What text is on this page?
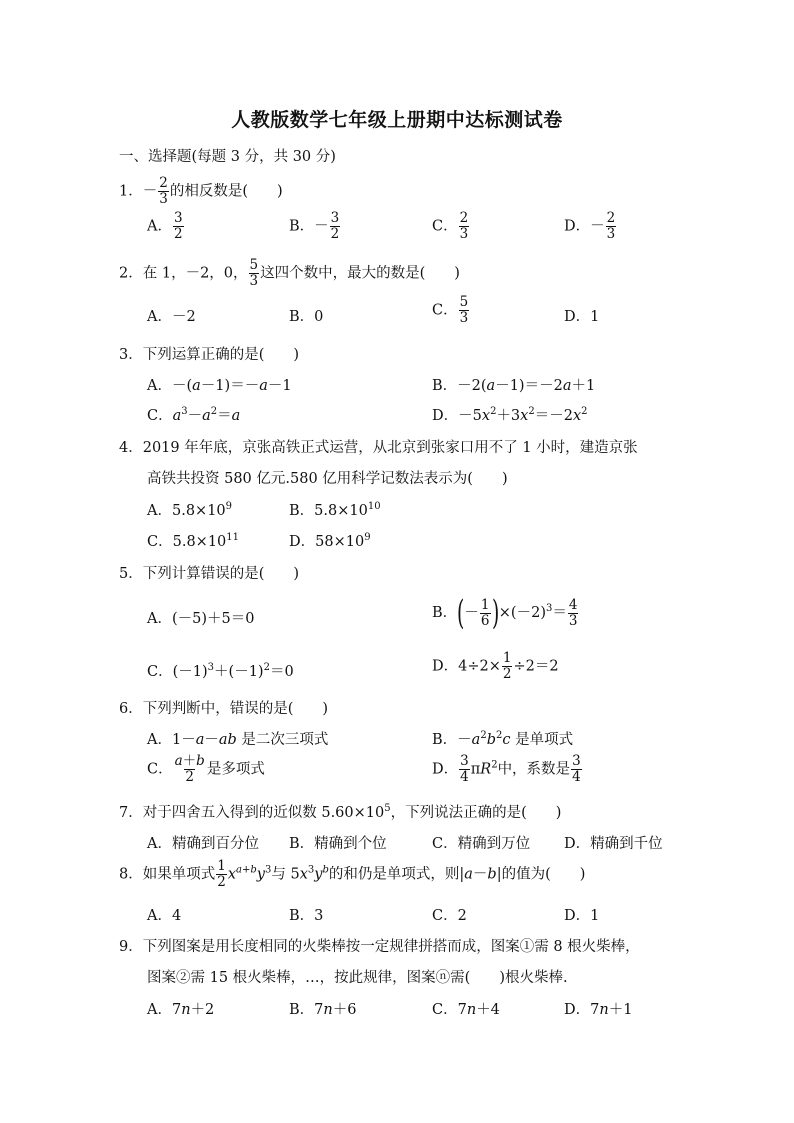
人教版数学七年级上册期中达标测试卷
一、选择题(每题 3 分，共 30 分)
1．－ $\frac{2}{3}$ 的相反数是(　　)
A． $\frac{3}{2}$	B．－ $\frac{3}{2}$	C． $\frac{2}{3}$	D．－ $\frac{2}{3}$
2．在 1，－2，0， $\frac{5}{3}$ 这四个数中，最大的数是(　　)
A．－2	B．0	C． $\frac{5}{3}$	D．1
3．下列运算正确的是(　　)
A．－(a－1)＝－a－1	B．－2(a－1)＝－2a＋1
C．$a^3-a^2=a$	D．$-5x^2+3x^2=-2x^2$
4．2019 年年底，京张高铁正式运营，从北京到张家口用不了 1 小时，建造京张
高铁共投资 580 亿元.580 亿用科学记数法表示为(　　)
A．$5.8\times 10^9$	B．$5.8\times 10^{10}$
C．$5.8\times 10^{11}$	D．$58\times 10^9$
5．下列计算错误的是(　　)
A．(－5)＋5＝0	B．(－ $\frac{1}{6} )\times(-2)^3= \frac{4}{3}$
C．$(-1)^3+(-1)^2=0$	D．$4\div 2\times \frac{1}{2} \div 2=2$
6．下列判断中，错误的是(　　)
A．1－a－ab 是二次三项式	B．$-a^2b^2c$ 是单项式
C． $\frac{a+b}{2}$ 是多项式	D． $\frac{3}{4} \pi R^2$中，系数是 $\frac{3}{4}$
7．对于四舍五入得到的近似数 $5.60\times 10^5$，下列说法正确的是(　　)
A．精确到百分位 B．精确到个位	C．精确到万位 D．精确到千位
8．如果单项式 $\frac{1}{2} x^{a+b}y^3$与 $5x^3y^b$的和仍是单项式，则|a－b|的值为(　　)
A．4	B．3	C．2	D．1
9．下列图案是用长度相同的火柴棒按一定规律拼搭而成，图案①需 8 根火柴棒，
图案②需 15 根火柴棒，…，按此规律，图案ⓝ需(　　)根火柴棒.
A．7n＋2	B．7n＋6	C．7n＋4	D．7n＋1
